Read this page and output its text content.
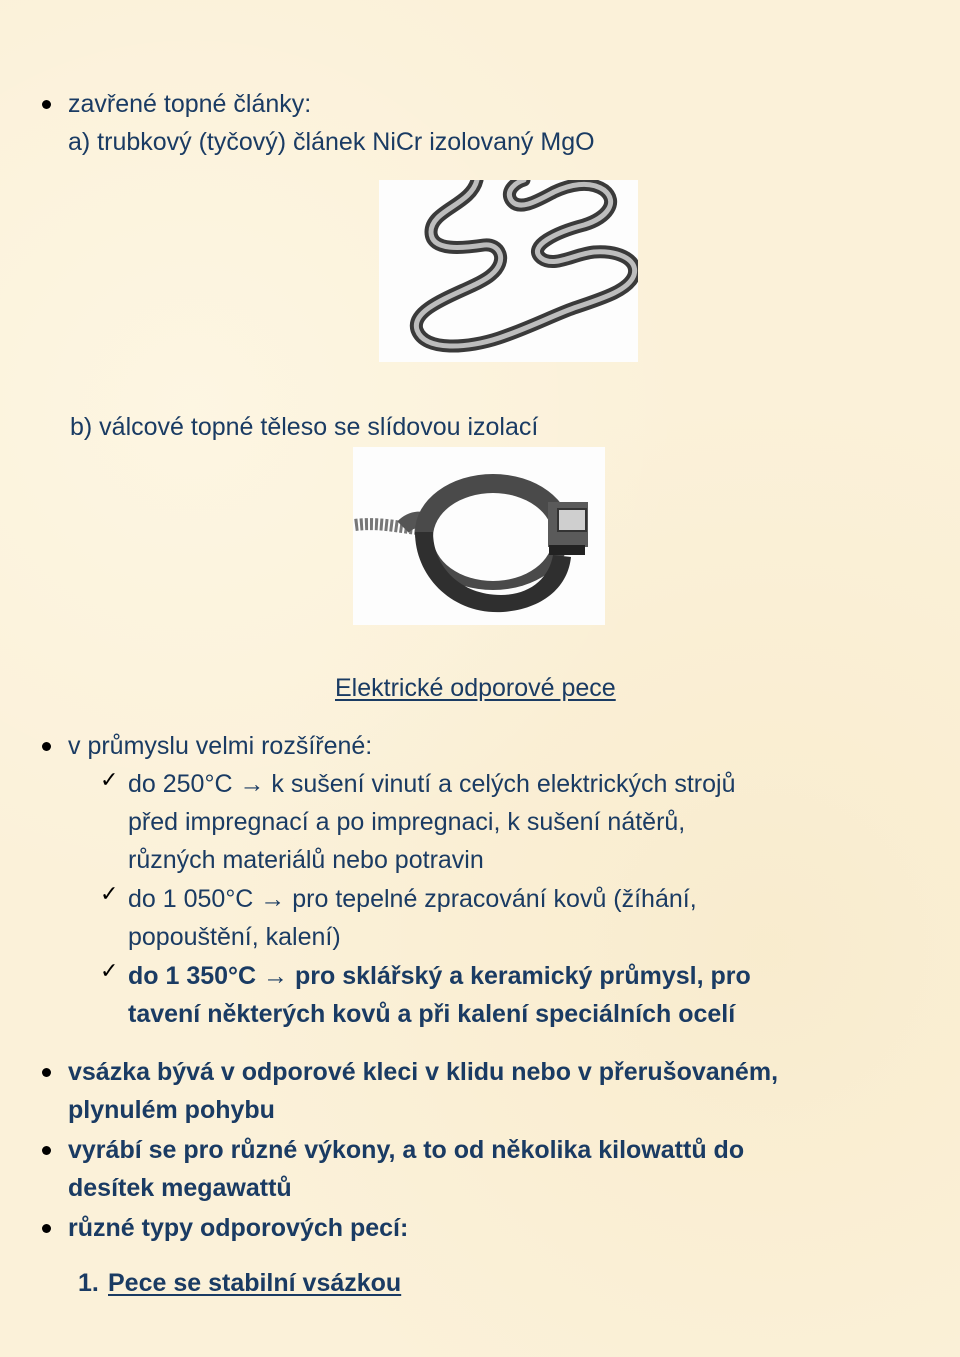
zavřené topné články:
a) trubkový (tyčový) článek NiCr izolovaný MgO
b) válcové topné těleso se slídovou izolací
Elektrické odporové pece
v průmyslu velmi rozšířené:
✓ do 250°C → k sušení vinutí a celých elektrických strojů
před impregnací a po impregnaci, k sušení nátěrů,
různých materiálů nebo potravin
✓ do 1 050°C → pro tepelné zpracování kovů (žíhání,
popouštění, kalení)
✓ do 1 350°C → pro sklářský a keramický průmysl, pro
tavení některých kovů a při kalení speciálních ocelí
vsázka bývá v odporové kleci v klidu nebo v přerušovaném,
plynulém pohybu
vyrábí se pro různé výkony, a to od několika kilowattů do
desítek megawattů
různé typy odporových pecí:
1. Pece se stabilní vsázkou
